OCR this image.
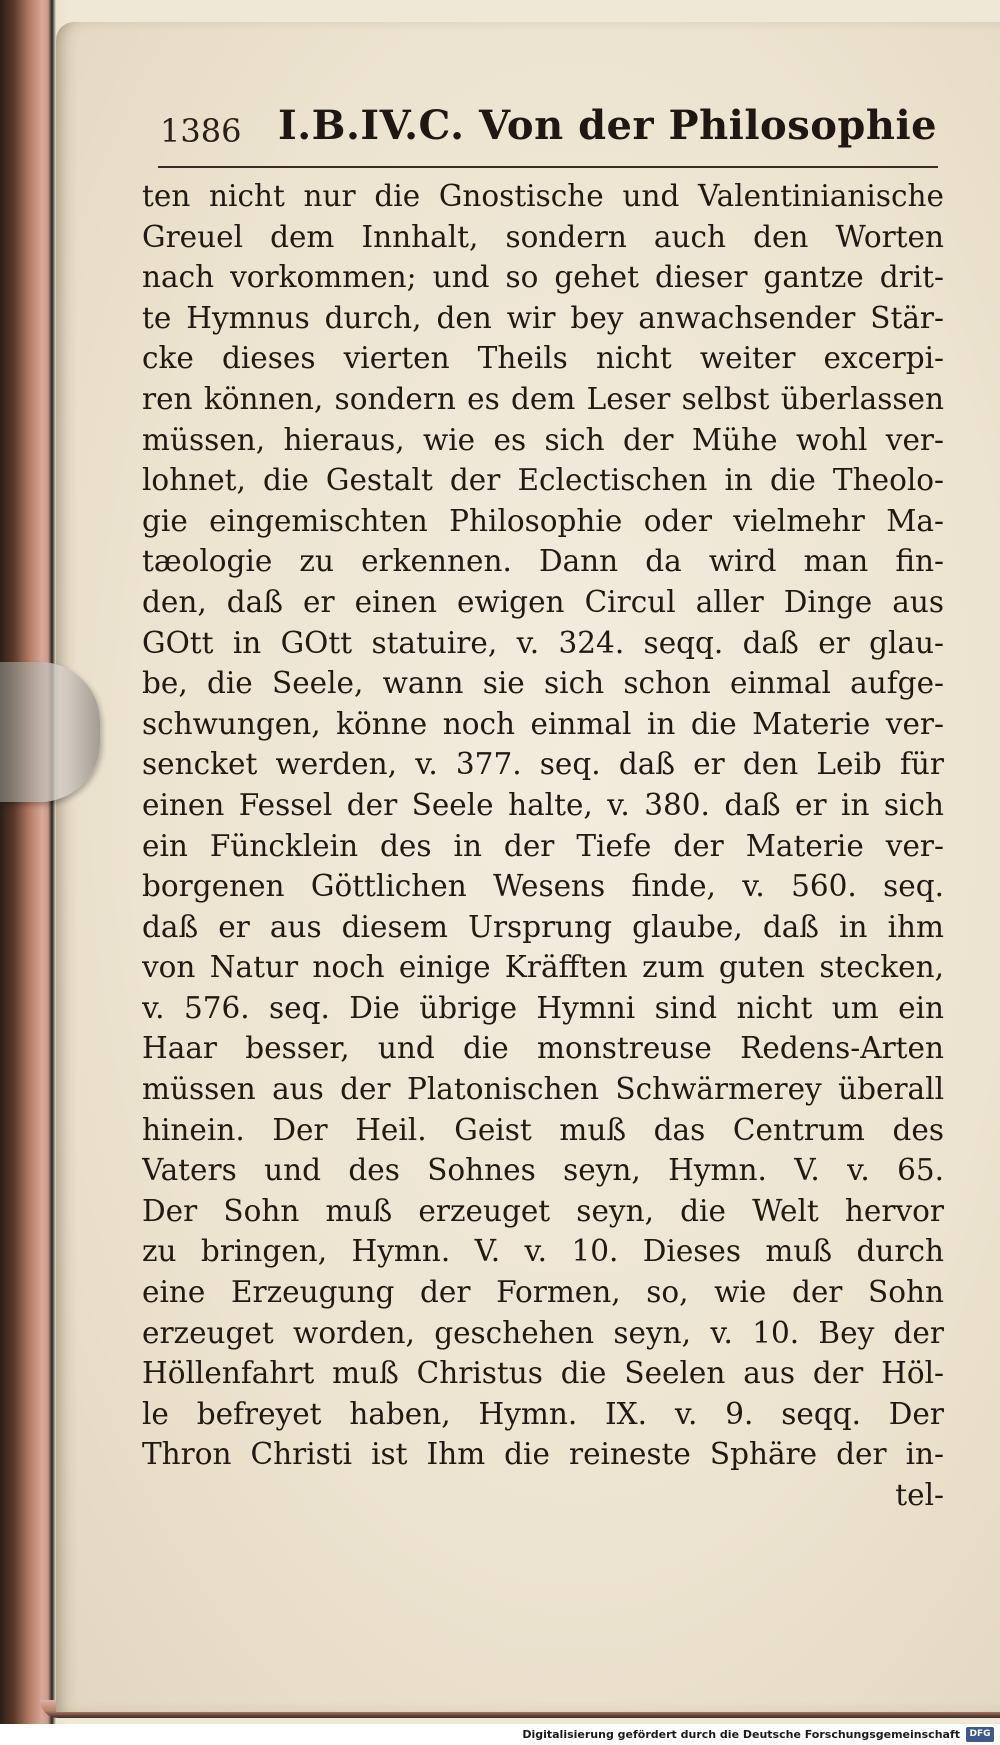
1386 I.B.IV.C. Von der Philosophie
ten nicht nur die Gnostische und Valentinianische
Greuel dem Innhalt, sondern auch den Worten
nach vorkommen; und so gehet dieser gantze drit-
te Hymnus durch, den wir bey anwachsender Stär-
cke dieses vierten Theils nicht weiter excerpi-
ren können, sondern es dem Leser selbst überlassen
müssen, hieraus, wie es sich der Mühe wohl ver-
lohnet, die Gestalt der Eclectischen in die Theolo-
gie eingemischten Philosophie oder vielmehr Ma-
tæologie zu erkennen. Dann da wird man fin-
den, daß er einen ewigen Circul aller Dinge aus
GOtt in GOtt statuire, v. 324. seqq. daß er glau-
be, die Seele, wann sie sich schon einmal aufge-
schwungen, könne noch einmal in die Materie ver-
sencket werden, v. 377. seq. daß er den Leib für
einen Fessel der Seele halte, v. 380. daß er in sich
ein Füncklein des in der Tiefe der Materie ver-
borgenen Göttlichen Wesens finde, v. 560. seq.
daß er aus diesem Ursprung glaube, daß in ihm
von Natur noch einige Kräfften zum guten stecken,
v. 576. seq. Die übrige Hymni sind nicht um ein
Haar besser, und die monstreuse Redens-Arten
müssen aus der Platonischen Schwärmerey überall
hinein. Der Heil. Geist muß das Centrum des
Vaters und des Sohnes seyn, Hymn. V. v. 65.
Der Sohn muß erzeuget seyn, die Welt hervor
zu bringen, Hymn. V. v. 10. Dieses muß durch
eine Erzeugung der Formen, so, wie der Sohn
erzeuget worden, geschehen seyn, v. 10. Bey der
Höllenfahrt muß Christus die Seelen aus der Höl-
le befreyet haben, Hymn. IX. v. 9. seqq. Der
Thron Christi ist Ihm die reineste Sphäre der in-
tel-
Digitalisierung gefördert durch die Deutsche Forschungsgemeinschaft	DFG
